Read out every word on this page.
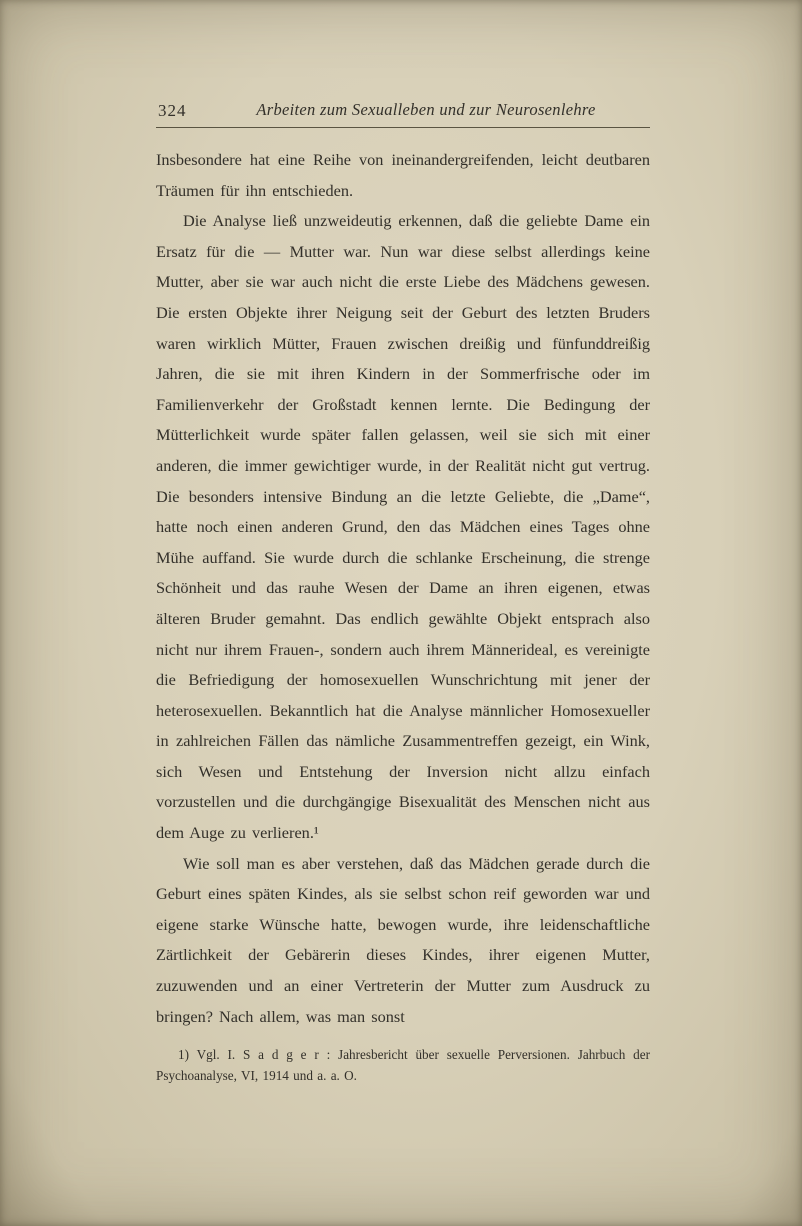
324	Arbeiten zum Sexualleben und zur Neurosenlehre

Insbesondere hat eine Reihe von ineinandergreifenden, leicht deutbaren Träumen für ihn entschieden.

Die Analyse ließ unzweideutig erkennen, daß die geliebte Dame ein Ersatz für die — Mutter war. Nun war diese selbst allerdings keine Mutter, aber sie war auch nicht die erste Liebe des Mädchens gewesen. Die ersten Objekte ihrer Neigung seit der Geburt des letzten Bruders waren wirklich Mütter, Frauen zwischen dreißig und fünfunddreißig Jahren, die sie mit ihren Kindern in der Sommerfrische oder im Familienverkehr der Großstadt kennen lernte. Die Bedingung der Mütterlichkeit wurde später fallen gelassen, weil sie sich mit einer anderen, die immer gewichtiger wurde, in der Realität nicht gut vertrug. Die besonders intensive Bindung an die letzte Geliebte, die „Dame“, hatte noch einen anderen Grund, den das Mädchen eines Tages ohne Mühe auffand. Sie wurde durch die schlanke Erscheinung, die strenge Schönheit und das rauhe Wesen der Dame an ihren eigenen, etwas älteren Bruder gemahnt. Das endlich gewählte Objekt entsprach also nicht nur ihrem Frauen-, sondern auch ihrem Männerideal, es vereinigte die Befriedigung der homosexuellen Wunschrichtung mit jener der heterosexuellen. Bekanntlich hat die Analyse männlicher Homosexueller in zahlreichen Fällen das nämliche Zusammentreffen gezeigt, ein Wink, sich Wesen und Entstehung der Inversion nicht allzu einfach vorzustellen und die durchgängige Bisexualität des Menschen nicht aus dem Auge zu verlieren.¹

Wie soll man es aber verstehen, daß das Mädchen gerade durch die Geburt eines späten Kindes, als sie selbst schon reif geworden war und eigene starke Wünsche hatte, bewogen wurde, ihre leidenschaftliche Zärtlichkeit der Gebärerin dieses Kindes, ihrer eigenen Mutter, zuzuwenden und an einer Vertreterin der Mutter zum Ausdruck zu bringen? Nach allem, was man sonst

1) Vgl. I. S a d g e r : Jahresbericht über sexuelle Perversionen. Jahrbuch der Psychoanalyse, VI, 1914 und a. a. O.
